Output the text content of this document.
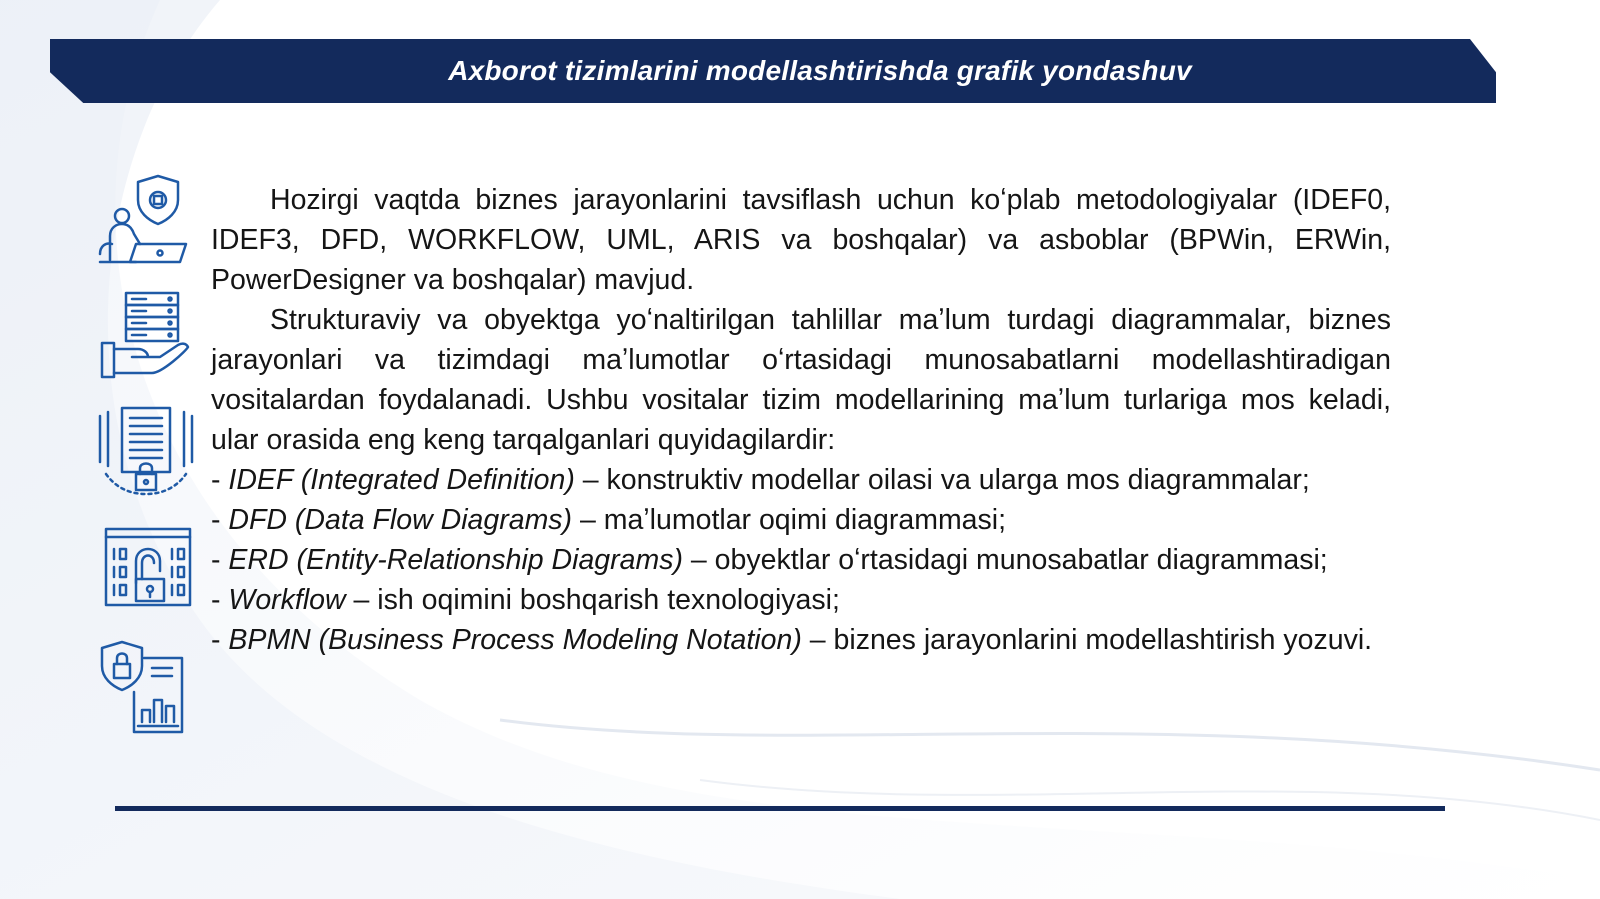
Axborot tizimlarini modellashtirishda grafik yondashuv

Hozirgi vaqtda biznes jarayonlarini tavsiflash uchun koʻplab metodologiyalar (IDEF0, IDEF3, DFD, WORKFLOW, UML, ARIS va boshqalar) va asboblar (BPWin, ERWin, PowerDesigner va boshqalar) mavjud.

Strukturaviy va obyektga yoʻnaltirilgan tahlillar maʼlum turdagi diagrammalar, biznes jarayonlari va tizimdagi maʼlumotlar oʻrtasidagi munosabatlarni modellashtiradigan vositalardan foydalanadi. Ushbu vositalar tizim modellarining maʼlum turlariga mos keladi, ular orasida eng keng tarqalganlari quyidagilardir:

- IDEF (Integrated Definition) – konstruktiv modellar oilasi va ularga mos diagrammalar;

- DFD (Data Flow Diagrams) – maʼlumotlar oqimi diagrammasi;

- ERD (Entity-Relationship Diagrams) – obyektlar oʻrtasidagi munosabatlar diagrammasi;

- Workflow – ish oqimini boshqarish texnologiyasi;

- BPMN (Business Process Modeling Notation) – biznes jarayonlarini modellashtirish yozuvi.
